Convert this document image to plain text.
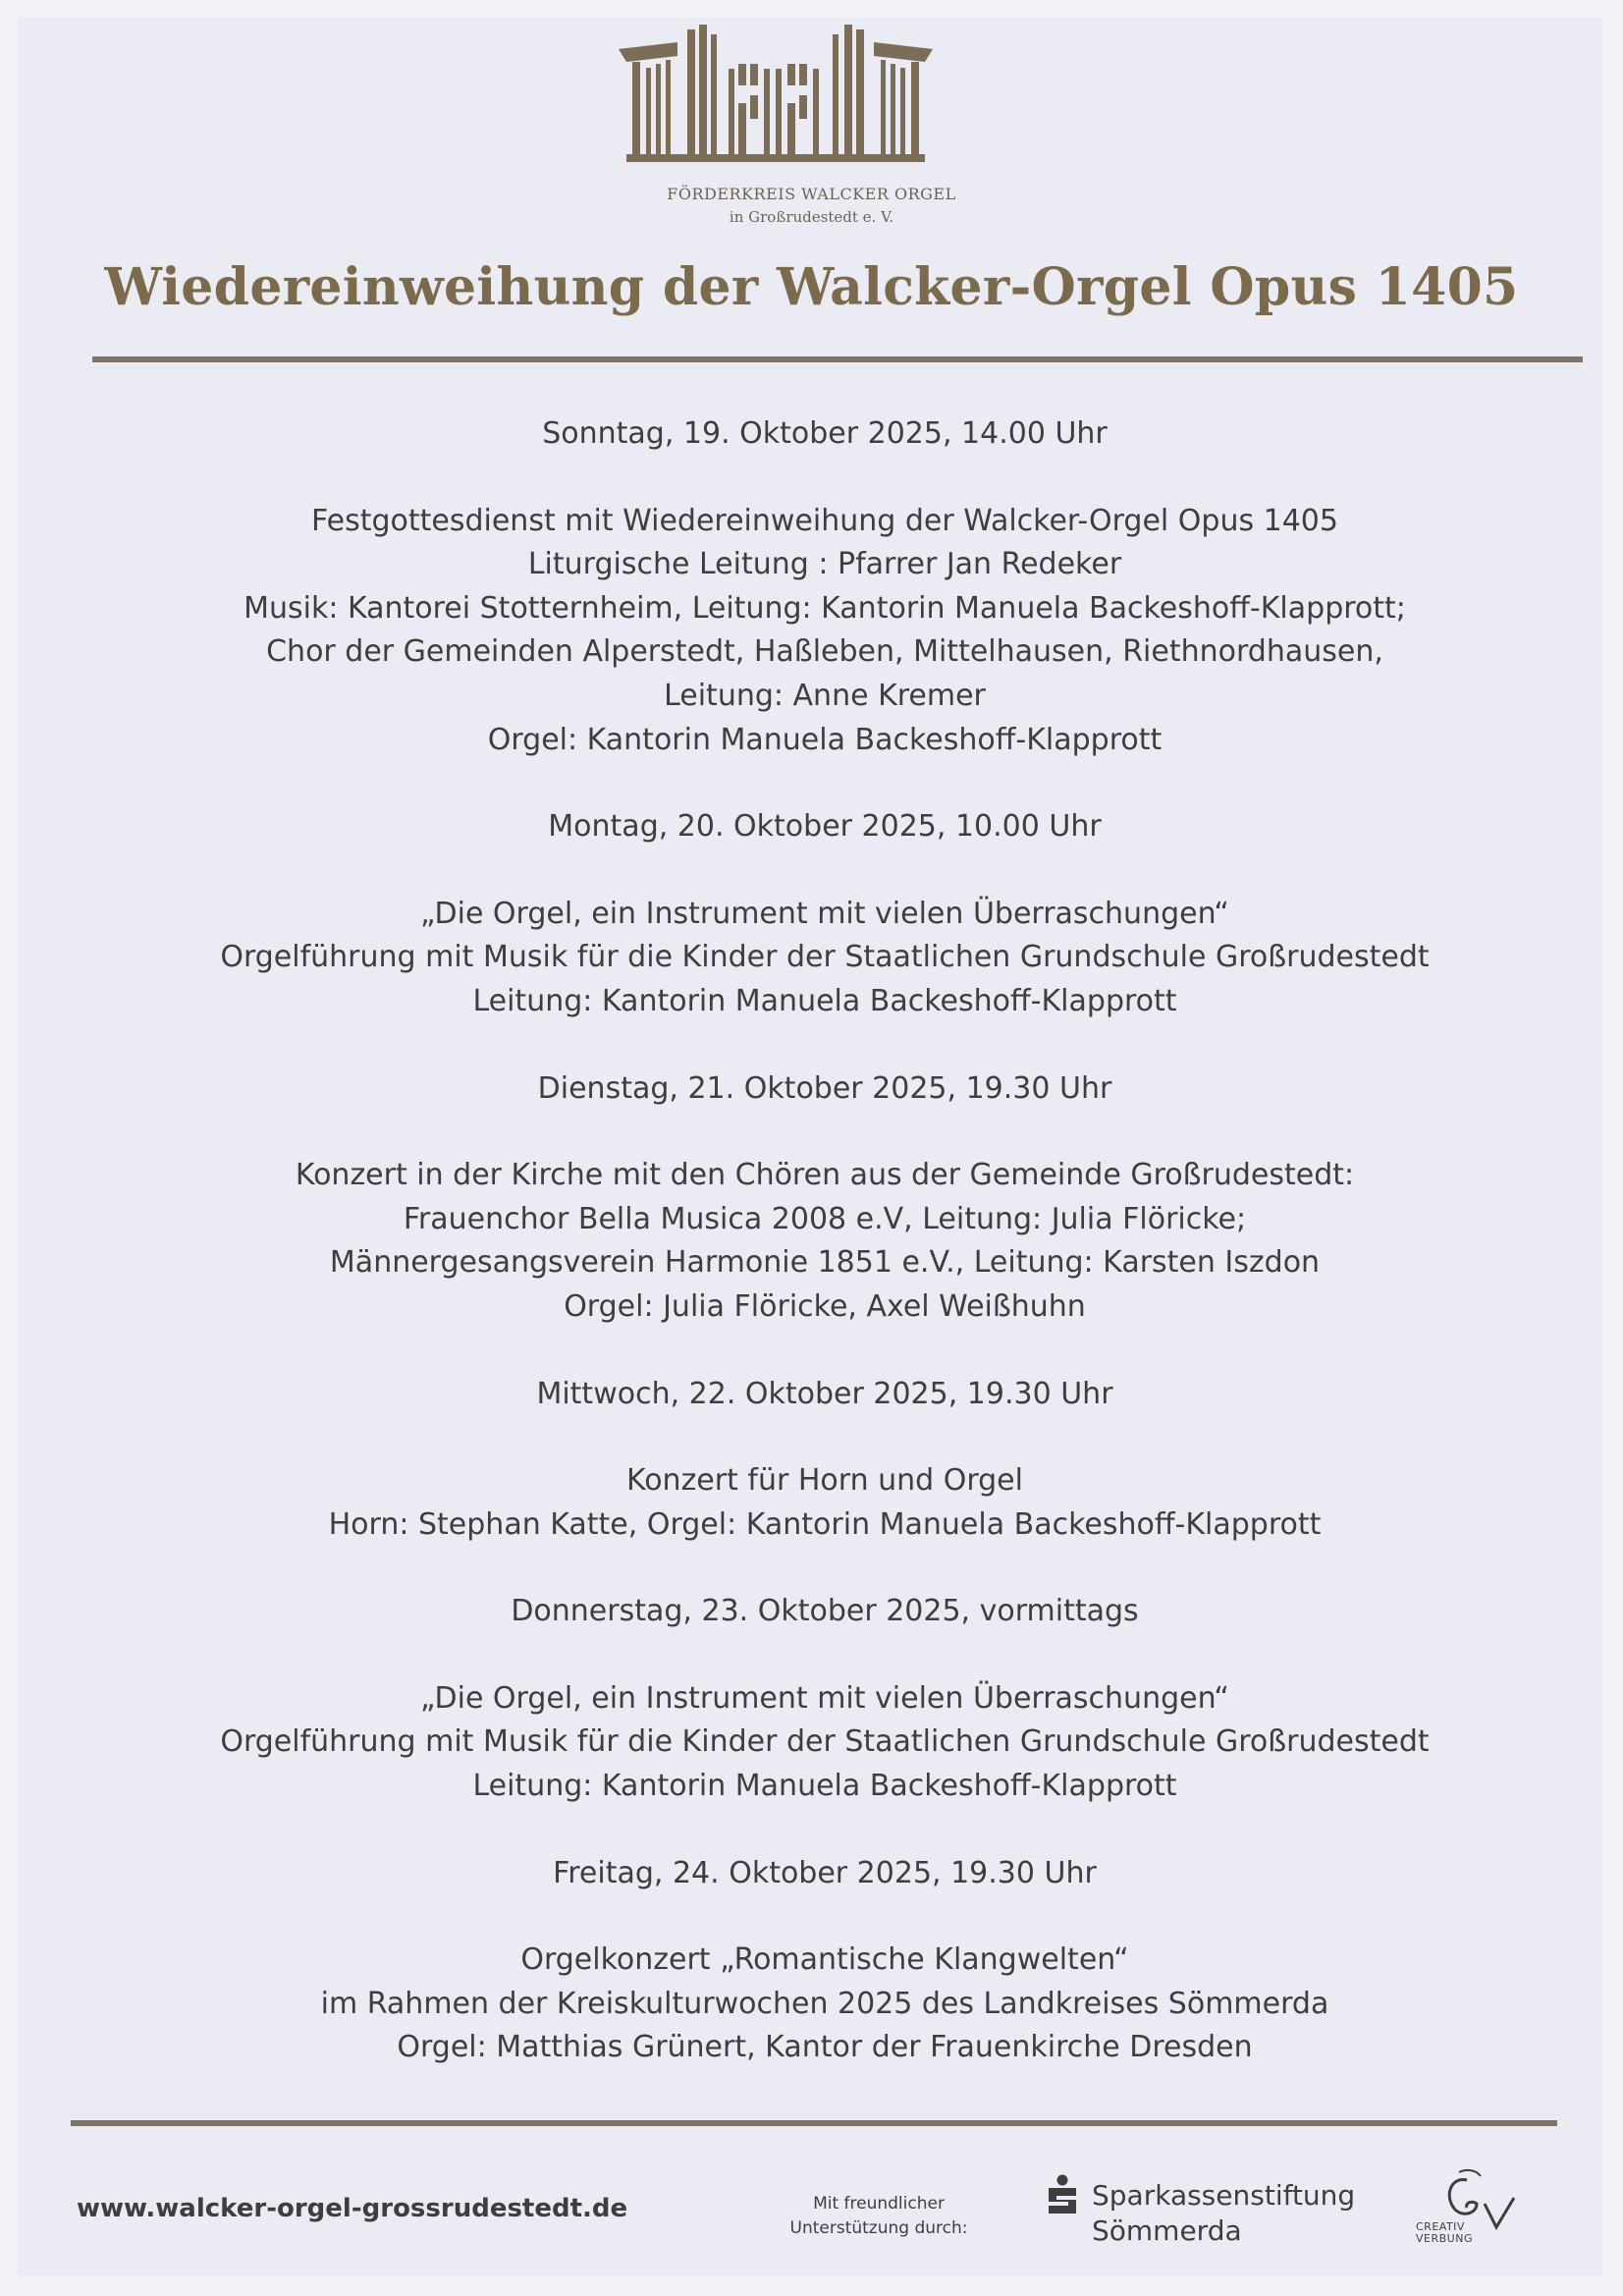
FÖRDERKREIS WALCKER ORGEL
in Großrudestedt e. V.
Wiedereinweihung der Walcker-Orgel Opus 1405
Sonntag, 19. Oktober 2025, 14.00 Uhr
Festgottesdienst mit Wiedereinweihung der Walcker-Orgel Opus 1405
Liturgische Leitung : Pfarrer Jan Redeker
Musik: Kantorei Stotternheim, Leitung: Kantorin Manuela Backeshoff-Klapprott;
Chor der Gemeinden Alperstedt, Haßleben, Mittelhausen, Riethnordhausen,
Leitung: Anne Kremer
Orgel: Kantorin Manuela Backeshoff-Klapprott
Montag, 20. Oktober 2025, 10.00 Uhr
„Die Orgel, ein Instrument mit vielen Überraschungen“
Orgelführung mit Musik für die Kinder der Staatlichen Grundschule Großrudestedt
Leitung: Kantorin Manuela Backeshoff-Klapprott
Dienstag, 21. Oktober 2025, 19.30 Uhr
Konzert in der Kirche mit den Chören aus der Gemeinde Großrudestedt:
Frauenchor Bella Musica 2008 e.V, Leitung: Julia Flöricke;
Männergesangsverein Harmonie 1851 e.V., Leitung: Karsten Iszdon
Orgel: Julia Flöricke, Axel Weißhuhn
Mittwoch, 22. Oktober 2025, 19.30 Uhr
Konzert für Horn und Orgel
Horn: Stephan Katte, Orgel: Kantorin Manuela Backeshoff-Klapprott
Donnerstag, 23. Oktober 2025, vormittags
„Die Orgel, ein Instrument mit vielen Überraschungen“
Orgelführung mit Musik für die Kinder der Staatlichen Grundschule Großrudestedt
Leitung: Kantorin Manuela Backeshoff-Klapprott
Freitag, 24. Oktober 2025, 19.30 Uhr
Orgelkonzert „Romantische Klangwelten“
im Rahmen der Kreiskulturwochen 2025 des Landkreises Sömmerda
Orgel: Matthias Grünert, Kantor der Frauenkirche Dresden
www.walcker-orgel-grossrudestedt.de	Mit freundlicher
Unterstützung durch:
Sparkassenstiftung
Sömmerda	CREATIV VERBUNG
